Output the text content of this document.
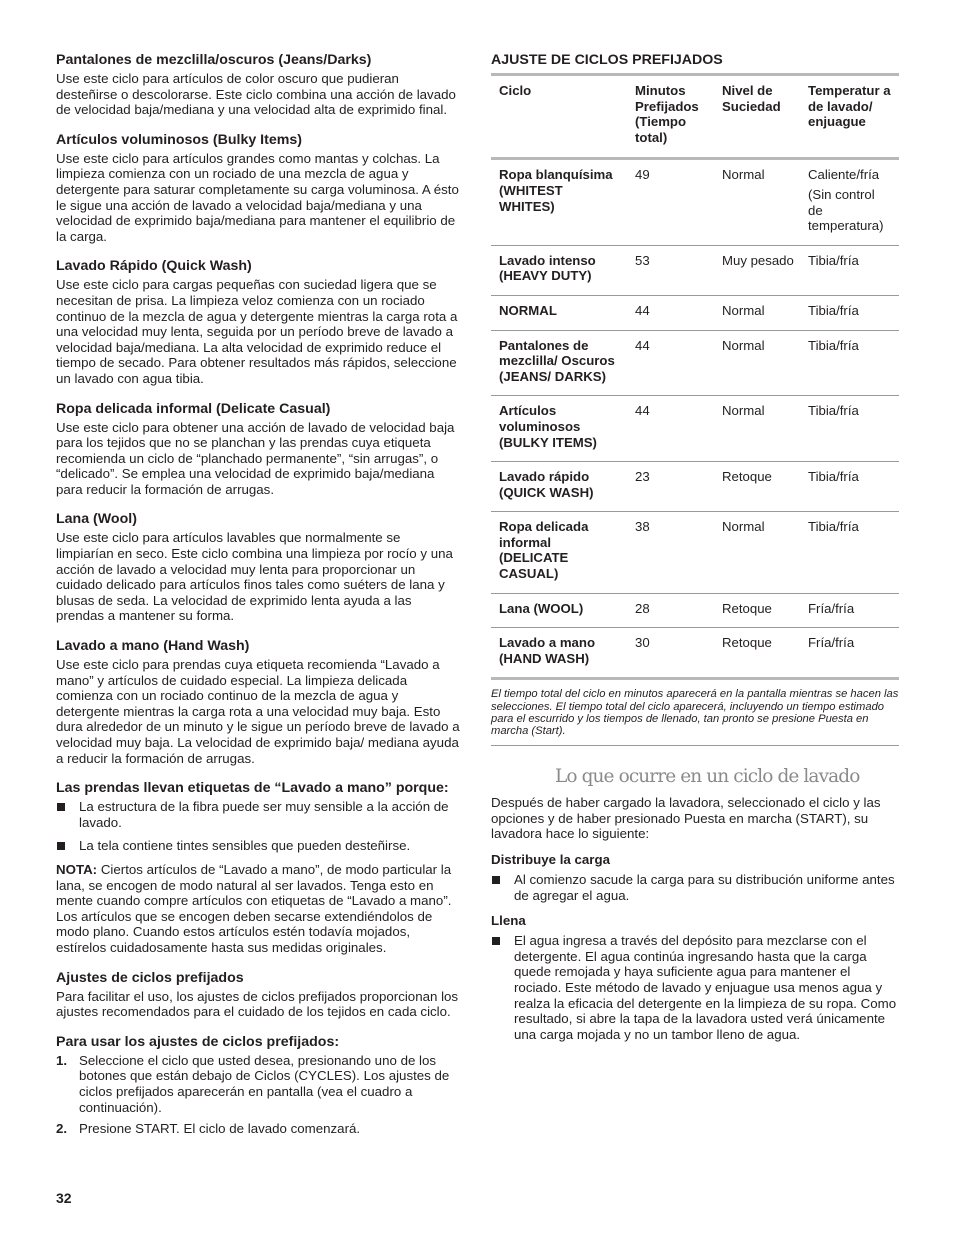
Pantalones de mezclilla/oscuros (Jeans/Darks)

Use este ciclo para artículos de color oscuro que pudieran desteñirse o descolorarse. Este ciclo combina una acción de lavado de velocidad baja/mediana y una velocidad alta de exprimido final.

Artículos voluminosos (Bulky Items)

Use este ciclo para artículos grandes como mantas y colchas. La limpieza comienza con un rociado de una mezcla de agua y detergente para saturar completamente su carga voluminosa. A ésto le sigue una acción de lavado a velocidad baja/mediana y una velocidad de exprimido baja/mediana para mantener el equilibrio de la carga.

Lavado Rápido (Quick Wash)

Use este ciclo para cargas pequeñas con suciedad ligera que se necesitan de prisa. La limpieza veloz comienza con un rociado continuo de la mezcla de agua y detergente mientras la carga rota a una velocidad muy lenta, seguida por un período breve de lavado a velocidad baja/mediana. La alta velocidad de exprimido reduce el tiempo de secado. Para obtener resultados más rápidos, seleccione un lavado con agua tibia.

Ropa delicada informal (Delicate Casual)

Use este ciclo para obtener una acción de lavado de velocidad baja para los tejidos que no se planchan y las prendas cuya etiqueta recomienda un ciclo de “planchado permanente”, “sin arrugas”, o “delicado”. Se emplea una velocidad de exprimido baja/mediana para reducir la formación de arrugas.

Lana (Wool)

Use este ciclo para artículos lavables que normalmente se limpiarían en seco. Este ciclo combina una limpieza por rocío y una acción de lavado a velocidad muy lenta para proporcionar un cuidado delicado para artículos finos tales como suéters de lana y blusas de seda. La velocidad de exprimido lenta ayuda a las prendas a mantener su forma.

Lavado a mano (Hand Wash)

Use este ciclo para prendas cuya etiqueta recomienda “Lavado a mano” y artículos de cuidado especial. La limpieza delicada comienza con un rociado continuo de la mezcla de agua y detergente mientras la carga rota a una velocidad muy baja. Esto dura alrededor de un minuto y le sigue un período breve de lavado a velocidad muy baja. La velocidad de exprimido baja/ mediana ayuda a reducir la formación de arrugas.

Las prendas llevan etiquetas de “Lavado a mano” porque:
La estructura de la fibra puede ser muy sensible a la acción de lavado.
La tela contiene tintes sensibles que pueden desteñirse.

NOTA: Ciertos artículos de “Lavado a mano”, de modo particular la lana, se encogen de modo natural al ser lavados. Tenga esto en mente cuando compre artículos con etiquetas de “Lavado a mano”. Los artículos que se encogen deben secarse extendiéndolos de modo plano. Cuando estos artículos estén todavía mojados, estírelos cuidadosamente hasta sus medidas originales.

Ajustes de ciclos prefijados

Para facilitar el uso, los ajustes de ciclos prefijados proporcionan los ajustes recomendados para el cuidado de los tejidos en cada ciclo.

Para usar los ajustes de ciclos prefijados:
1. Seleccione el ciclo que usted desea, presionando uno de los botones que están debajo de Ciclos (CYCLES). Los ajustes de ciclos prefijados aparecerán en pantalla (vea el cuadro a continuación).
2. Presione START. El ciclo de lavado comenzará.
32
AJUSTE DE CICLOS PREFIJADOS
Ciclo	Minutos Prefijados (Tiempo total)	Nivel de Suciedad	Temperatur a de lavado/ enjuague
Ropa blanquísima (WHITEST WHITES)	49	Normal	Caliente/fría
(Sin control de temperatura)

Lavado intenso (HEAVY DUTY)	53	Muy pesado	Tibia/fría
NORMAL	44	Normal	Tibia/fría
Pantalones de mezclilla/ Oscuros (JEANS/ DARKS)	44	Normal	Tibia/fría
Artículos voluminosos (BULKY ITEMS)	44	Normal	Tibia/fría
Lavado rápido (QUICK WASH)	23	Retoque	Tibia/fría
Ropa delicada informal (DELICATE CASUAL)	38	Normal	Tibia/fría
Lana (WOOL)	28	Retoque	Fría/fría
Lavado a mano (HAND WASH)	30	Retoque	Fría/fría

El tiempo total del ciclo en minutos aparecerá en la pantalla mientras se hacen las selecciones. El tiempo total del ciclo aparecerá, incluyendo un tiempo estimado para el escurrido y los tiempos de llenado, tan pronto se presione Puesta en marcha (Start).

Lo que ocurre en un ciclo de lavado

Después de haber cargado la lavadora, seleccionado el ciclo y las opciones y de haber presionado Puesta en marcha (START), su lavadora hace lo siguiente:

Distribuye la carga
Al comienzo sacude la carga para su distribución uniforme antes de agregar el agua.
Llena
El agua ingresa a través del depósito para mezclarse con el detergente. El agua continúa ingresando hasta que la carga quede remojada y haya suficiente agua para mantener el rociado. Este método de lavado y enjuague usa menos agua y realza la eficacia del detergente en la limpieza de su ropa. Como resultado, si abre la tapa de la lavadora usted verá únicamente una carga mojada y no un tambor lleno de agua.
